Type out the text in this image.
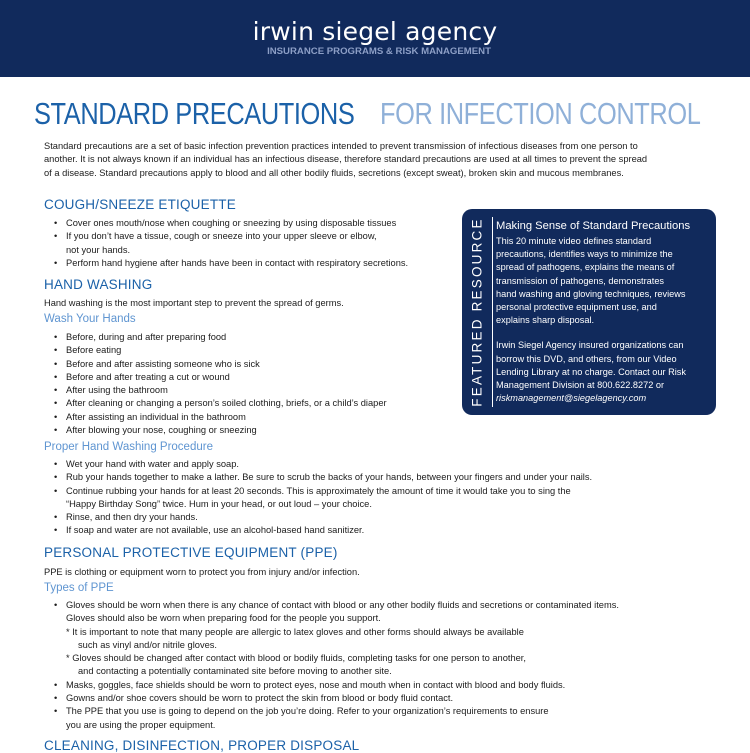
irwin siegel agency
INSURANCE PROGRAMS & RISK MANAGEMENT
STANDARD PRECAUTIONS FOR INFECTION CONTROL
Standard precautions are a set of basic infection prevention practices intended to prevent transmission of infectious diseases from one person to
another. It is not always known if an individual has an infectious disease, therefore standard precautions are used at all times to prevent the spread
of a disease. Standard precautions apply to blood and all other bodily fluids, secretions (except sweat), broken skin and mucous membranes.
COUGH/SNEEZE ETIQUETTE
• Cover ones mouth/nose when coughing or sneezing by using disposable tissues
• If you don’t have a tissue, cough or sneeze into your upper sleeve or elbow,
not your hands.
• Perform hand hygiene after hands have been in contact with respiratory secretions.
HAND WASHING

Hand washing is the most important step to prevent the spread of germs.

Wash Your Hands
• Before, during and after preparing food
• Before eating
• Before and after assisting someone who is sick
• Before and after treating a cut or wound
• After using the bathroom
• After cleaning or changing a person’s soiled clothing, briefs, or a child’s diaper
• After assisting an individual in the bathroom
• After blowing your nose, coughing or sneezing
Proper Hand Washing Procedure
• Wet your hand with water and apply soap.
• Rub your hands together to make a lather. Be sure to scrub the backs of your hands, between your fingers and under your nails.
• Continue rubbing your hands for at least 20 seconds. This is approximately the amount of time it would take you to sing the
“Happy Birthday Song” twice. Hum in your head, or out loud – your choice.
• Rinse, and then dry your hands.
• If soap and water are not available, use an alcohol-based hand sanitizer.
PERSONAL PROTECTIVE EQUIPMENT (PPE)

PPE is clothing or equipment worn to protect you from injury and/or infection.

Types of PPE
• Gloves should be worn when there is any chance of contact with blood or any other bodily fluids and secretions or contaminated items.
Gloves should also be worn when preparing food for the people you support.
* It is important to note that many people are allergic to latex gloves and other forms should always be available
such as vinyl and/or nitrile gloves.
* Gloves should be changed after contact with blood or bodily fluids, completing tasks for one person to another,
and contacting a potentially contaminated site before moving to another site.
• Masks, goggles, face shields should be worn to protect eyes, nose and mouth when in contact with blood and body fluids.
• Gowns and/or shoe covers should be worn to protect the skin from blood or body fluid contact.
• The PPE that you use is going to depend on the job you’re doing. Refer to your organization’s requirements to ensure
you are using the proper equipment.
CLEANING, DISINFECTION, PROPER DISPOSAL
FEATURED RESOURCE Making Sense of Standard Precautions

This 20 minute video defines standard

precautions, identifies ways to minimize the

spread of pathogens, explains the means of

transmission of pathogens, demonstrates

hand washing and gloving techniques, reviews

personal protective equipment use, and

explains sharp disposal.

Irwin Siegel Agency insured organizations can

borrow this DVD, and others, from our Video

Lending Library at no charge. Contact our Risk

Management Division at 800.622.8272 or

riskmanagement@siegelagency.com
